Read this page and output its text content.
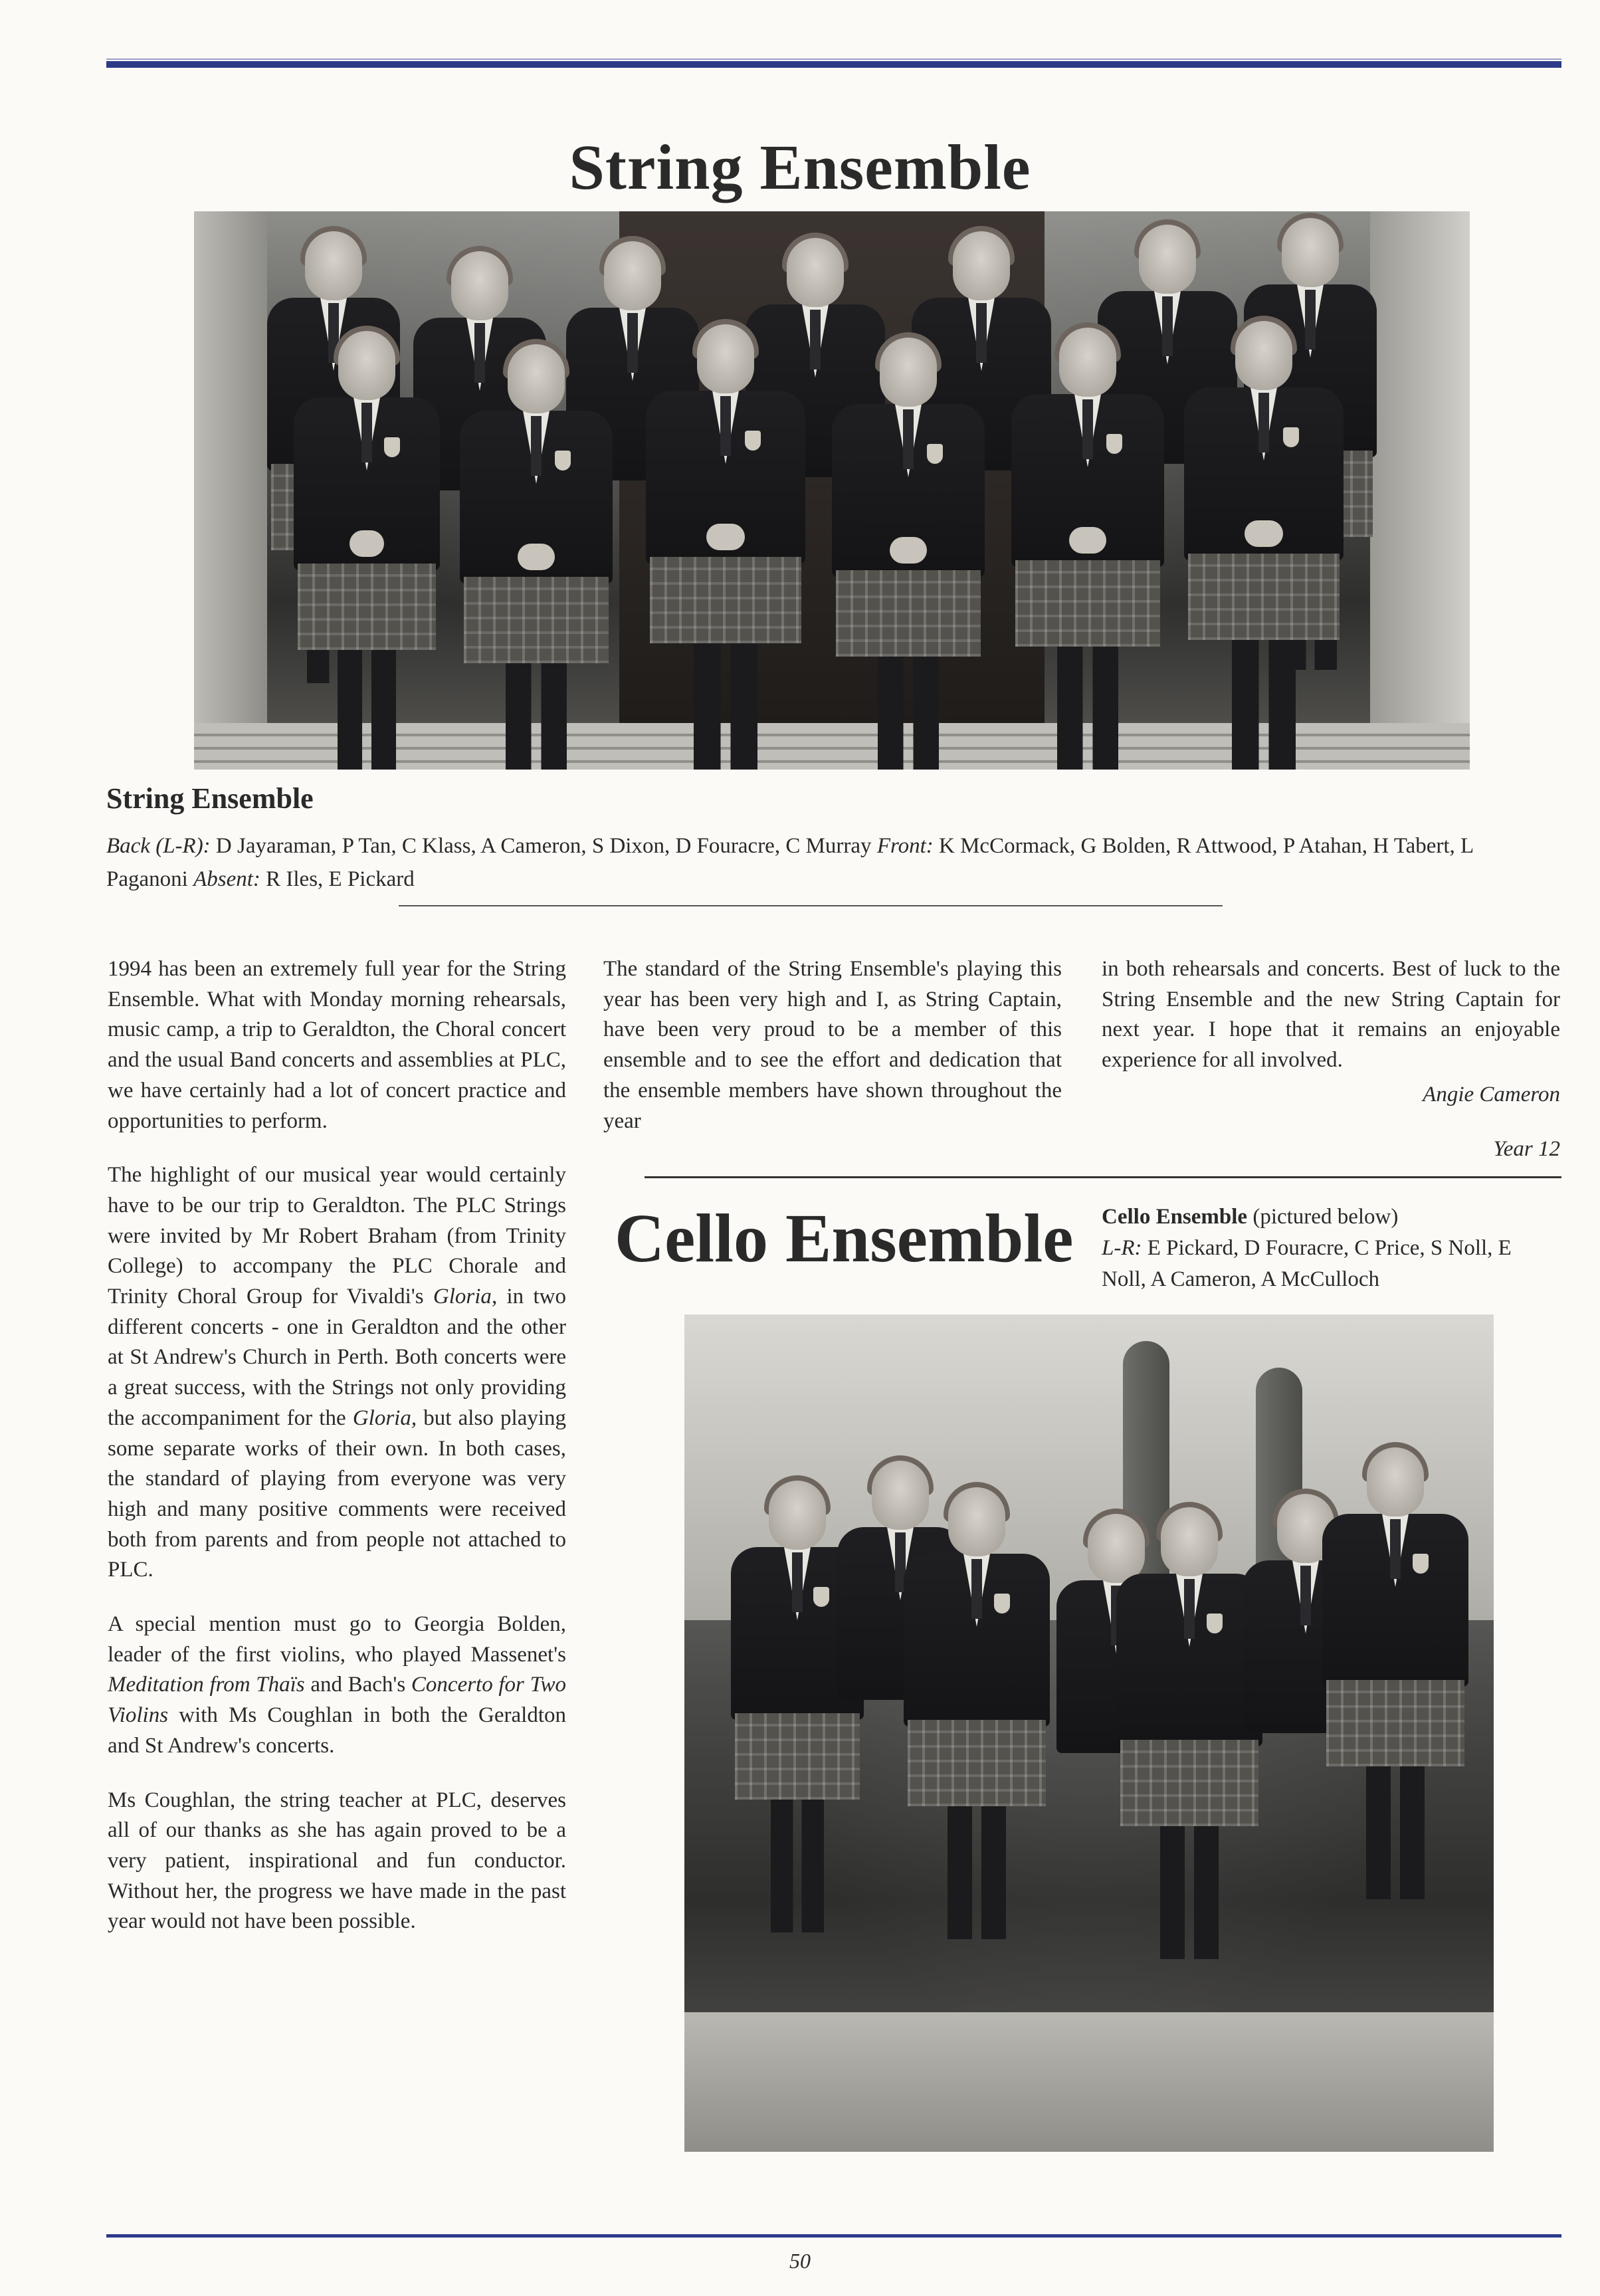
String Ensemble
String Ensemble

Back (L-R): D Jayaraman, P Tan, C Klass, A Cameron, S Dixon, D Fouracre, C Murray Front: K McCormack, G Bolden, R Attwood, P Atahan, H Tabert, L Paganoni Absent: R Iles, E Pickard

1994 has been an extremely full year for the String Ensemble. What with Monday morning rehearsals, music camp, a trip to Geraldton, the Choral concert and the usual Band concerts and assemblies at PLC, we have certainly had a lot of concert practice and opportunities to perform.

The highlight of our musical year would certainly have to be our trip to Geraldton. The PLC Strings were invited by Mr Robert Braham (from Trinity College) to accompany the PLC Chorale and Trinity Choral Group for Vivaldi's Gloria, in two different concerts - one in Geraldton and the other at St Andrew's Church in Perth. Both concerts were a great success, with the Strings not only providing the accompaniment for the Gloria, but also playing some separate works of their own. In both cases, the standard of playing from everyone was very high and many positive comments were received both from parents and from people not attached to PLC.

A special mention must go to Georgia Bolden, leader of the first violins, who played Massenet's Meditation from Thaïs and Bach's Concerto for Two Violins with Ms Coughlan in both the Geraldton and St Andrew's concerts.

Ms Coughlan, the string teacher at PLC, deserves all of our thanks as she has again proved to be a very patient, inspirational and fun conductor. Without her, the progress we have made in the past year would not have been possible.

The standard of the String Ensemble's playing this year has been very high and I, as String Captain, have been very proud to be a member of this ensemble and to see the effort and dedication that the ensemble members have shown throughout the year

in both rehearsals and concerts. Best of luck to the String Ensemble and the new String Captain for next year. I hope that it remains an enjoyable experience for all involved.

Angie Cameron

Year 12

Cello Ensemble Cello Ensemble (pictured below)
L-R: E Pickard, D Fouracre, C Price, S Noll, E Noll, A Cameron, A McCulloch

50
